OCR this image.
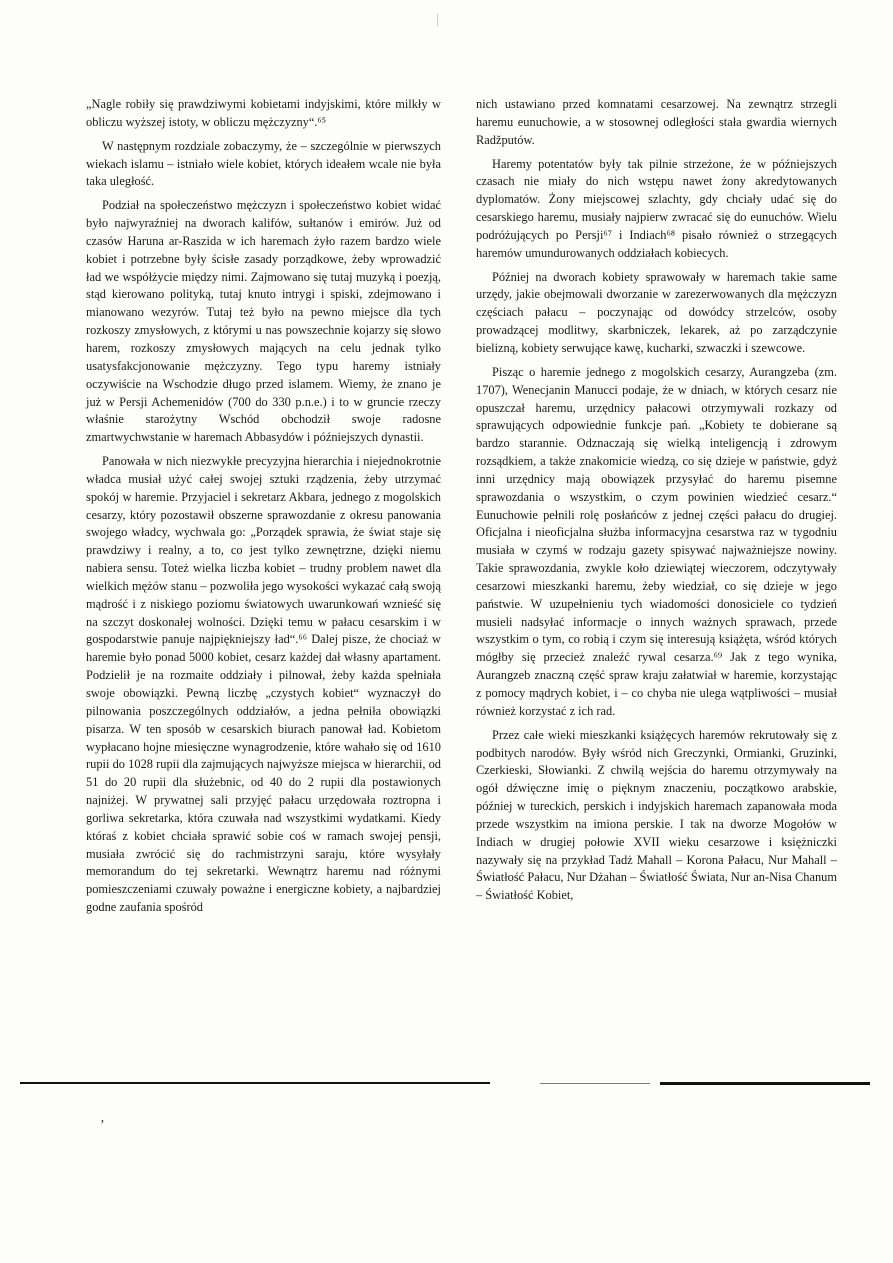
„Nagle robiły się prawdziwymi kobietami indyjskimi, które milkły w obliczu wyższej istoty, w obliczu mężczyzny“.⁶⁵

W następnym rozdziale zobaczymy, że – szczególnie w pierwszych wiekach islamu – istniało wiele kobiet, których ideałem wcale nie była taka uległość.

Podział na społeczeństwo mężczyzn i społeczeństwo kobiet widać było najwyraźniej na dworach kalifów, sułtanów i emirów. Już od czasów Haruna ar-Raszida w ich haremach żyło razem bardzo wiele kobiet i potrzebne były ścisłe zasady porządkowe, żeby wprowadzić ład we współżycie między nimi. Zajmowano się tutaj muzyką i poezją, stąd kierowano polityką, tutaj knuto intrygi i spiski, zdejmowano i mianowano wezyrów. Tutaj też było na pewno miejsce dla tych rozkoszy zmysłowych, z którymi u nas powszechnie kojarzy się słowo harem, rozkoszy zmysłowych mających na celu jednak tylko usatysfakcjonowanie mężczyzny. Tego typu haremy istniały oczywiście na Wschodzie długo przed islamem. Wiemy, że znano je już w Persji Achemenidów (700 do 330 p.n.e.) i to w gruncie rzeczy właśnie starożytny Wschód obchodził swoje radosne zmartwychwstanie w haremach Abbasydów i późniejszych dynastii.

Panowała w nich niezwykłe precyzyjna hierarchia i niejednokrotnie władca musiał użyć całej swojej sztuki rządzenia, żeby utrzymać spokój w haremie. Przyjaciel i sekretarz Akbara, jednego z mogolskich cesarzy, który pozostawił obszerne sprawozdanie z okresu panowania swojego władcy, wychwala go: „Porządek sprawia, że świat staje się prawdziwy i realny, a to, co jest tylko zewnętrzne, dzięki niemu nabiera sensu. Toteż wielka liczba kobiet – trudny problem nawet dla wielkich mężów stanu – pozwoliła jego wysokości wykazać całą swoją mądrość i z niskiego poziomu światowych uwarunkowań wznieść się na szczyt doskonałej wolności. Dzięki temu w pałacu cesarskim i w gospodarstwie panuje najpiękniejszy ład“.⁶⁶ Dalej pisze, że chociaż w haremie było ponad 5000 kobiet, cesarz każdej dał własny apartament. Podzielił je na rozmaite oddziały i pilnował, żeby każda spełniała swoje obowiązki. Pewną liczbę „czystych kobiet“ wyznaczył do pilnowania poszczególnych oddziałów, a jedna pełniła obowiązki pisarza. W ten sposób w cesarskich biurach panował ład. Kobietom wypłacano hojne miesięczne wynagrodzenie, które wahało się od 1610 rupii do 1028 rupii dla zajmujących najwyższe miejsca w hierarchii, od 51 do 20 rupii dla służebnic, od 40 do 2 rupii dla postawionych najniżej. W prywatnej sali przyjęć pałacu urzędowała roztropna i gorliwa sekretarka, która czuwała nad wszystkimi wydatkami. Kiedy któraś z kobiet chciała sprawić sobie coś w ramach swojej pensji, musiała zwrócić się do rachmistrzyni saraju, które wysyłały memorandum do tej sekretarki. Wewnątrz haremu nad różnymi pomieszczeniami czuwały poważne i energiczne kobiety, a najbardziej godne zaufania spośród

nich ustawiano przed komnatami cesarzowej. Na zewnątrz strzegli haremu eunuchowie, a w stosownej odległości stała gwardia wiernych Radžputów.

Haremy potentatów były tak pilnie strzeżone, że w późniejszych czasach nie miały do nich wstępu nawet żony akredytowanych dyplomatów. Żony miejscowej szlachty, gdy chciały udać się do cesarskiego haremu, musiały najpierw zwracać się do eunuchów. Wielu podróżujących po Persji⁶⁷ i Indiach⁶⁸ pisało również o strzegących haremów umundurowanych oddziałach kobiecych.

Później na dworach kobiety sprawowały w haremach takie same urzędy, jakie obejmowali dworzanie w zarezerwowanych dla mężczyzn częściach pałacu – poczynając od dowódcy strzelców, osoby prowadzącej modlitwy, skarbniczek, lekarek, aż po zarządczynie bielizną, kobiety serwujące kawę, kucharki, szwaczki i szewcowe.

Pisząc o haremie jednego z mogolskich cesarzy, Aurangzeba (zm. 1707), Wenecjanin Manucci podaje, że w dniach, w których cesarz nie opuszczał haremu, urzędnicy pałacowi otrzymywali rozkazy od sprawujących odpowiednie funkcje pań. „Kobiety te dobierane są bardzo starannie. Odznaczają się wielką inteligencją i zdrowym rozsądkiem, a także znakomicie wiedzą, co się dzieje w państwie, gdyż inni urzędnicy mają obowiązek przysyłać do haremu pisemne sprawozdania o wszystkim, o czym powinien wiedzieć cesarz.“ Eunuchowie pełnili rolę posłańców z jednej części pałacu do drugiej. Oficjalna i nieoficjalna służba informacyjna cesarstwa raz w tygodniu musiała w czymś w rodzaju gazety spisywać najważniejsze nowiny. Takie sprawozdania, zwykle koło dziewiątej wieczorem, odczytywały cesarzowi mieszkanki haremu, żeby wiedział, co się dzieje w jego państwie. W uzupełnieniu tych wiadomości donosiciele co tydzień musieli nadsyłać informacje o innych ważnych sprawach, przede wszystkim o tym, co robią i czym się interesują książęta, wśród których mógłby się przecież znaleźć rywal cesarza.⁶⁹ Jak z tego wynika, Aurangzeb znaczną część spraw kraju załatwiał w haremie, korzystając z pomocy mądrych kobiet, i – co chyba nie ulega wątpliwości – musiał również korzystać z ich rad.

Przez całe wieki mieszkanki książęcych haremów rekrutowały się z podbitych narodów. Były wśród nich Greczynki, Ormianki, Gruzinki, Czerkieski, Słowianki. Z chwilą wejścia do haremu otrzymywały na ogół dźwięczne imię o pięknym znaczeniu, początkowo arabskie, później w tureckich, perskich i indyjskich haremach zapanowała moda przede wszystkim na imiona perskie. I tak na dworze Mogołów w Indiach w drugiej połowie XVII wieku cesarzowe i księżniczki nazywały się na przykład Tadż Mahall – Korona Pałacu, Nur Mahall – Światłość Pałacu, Nur Dżahan – Światłość Świata, Nur an-Nisa Chanum – Światłość Kobiet,

’
